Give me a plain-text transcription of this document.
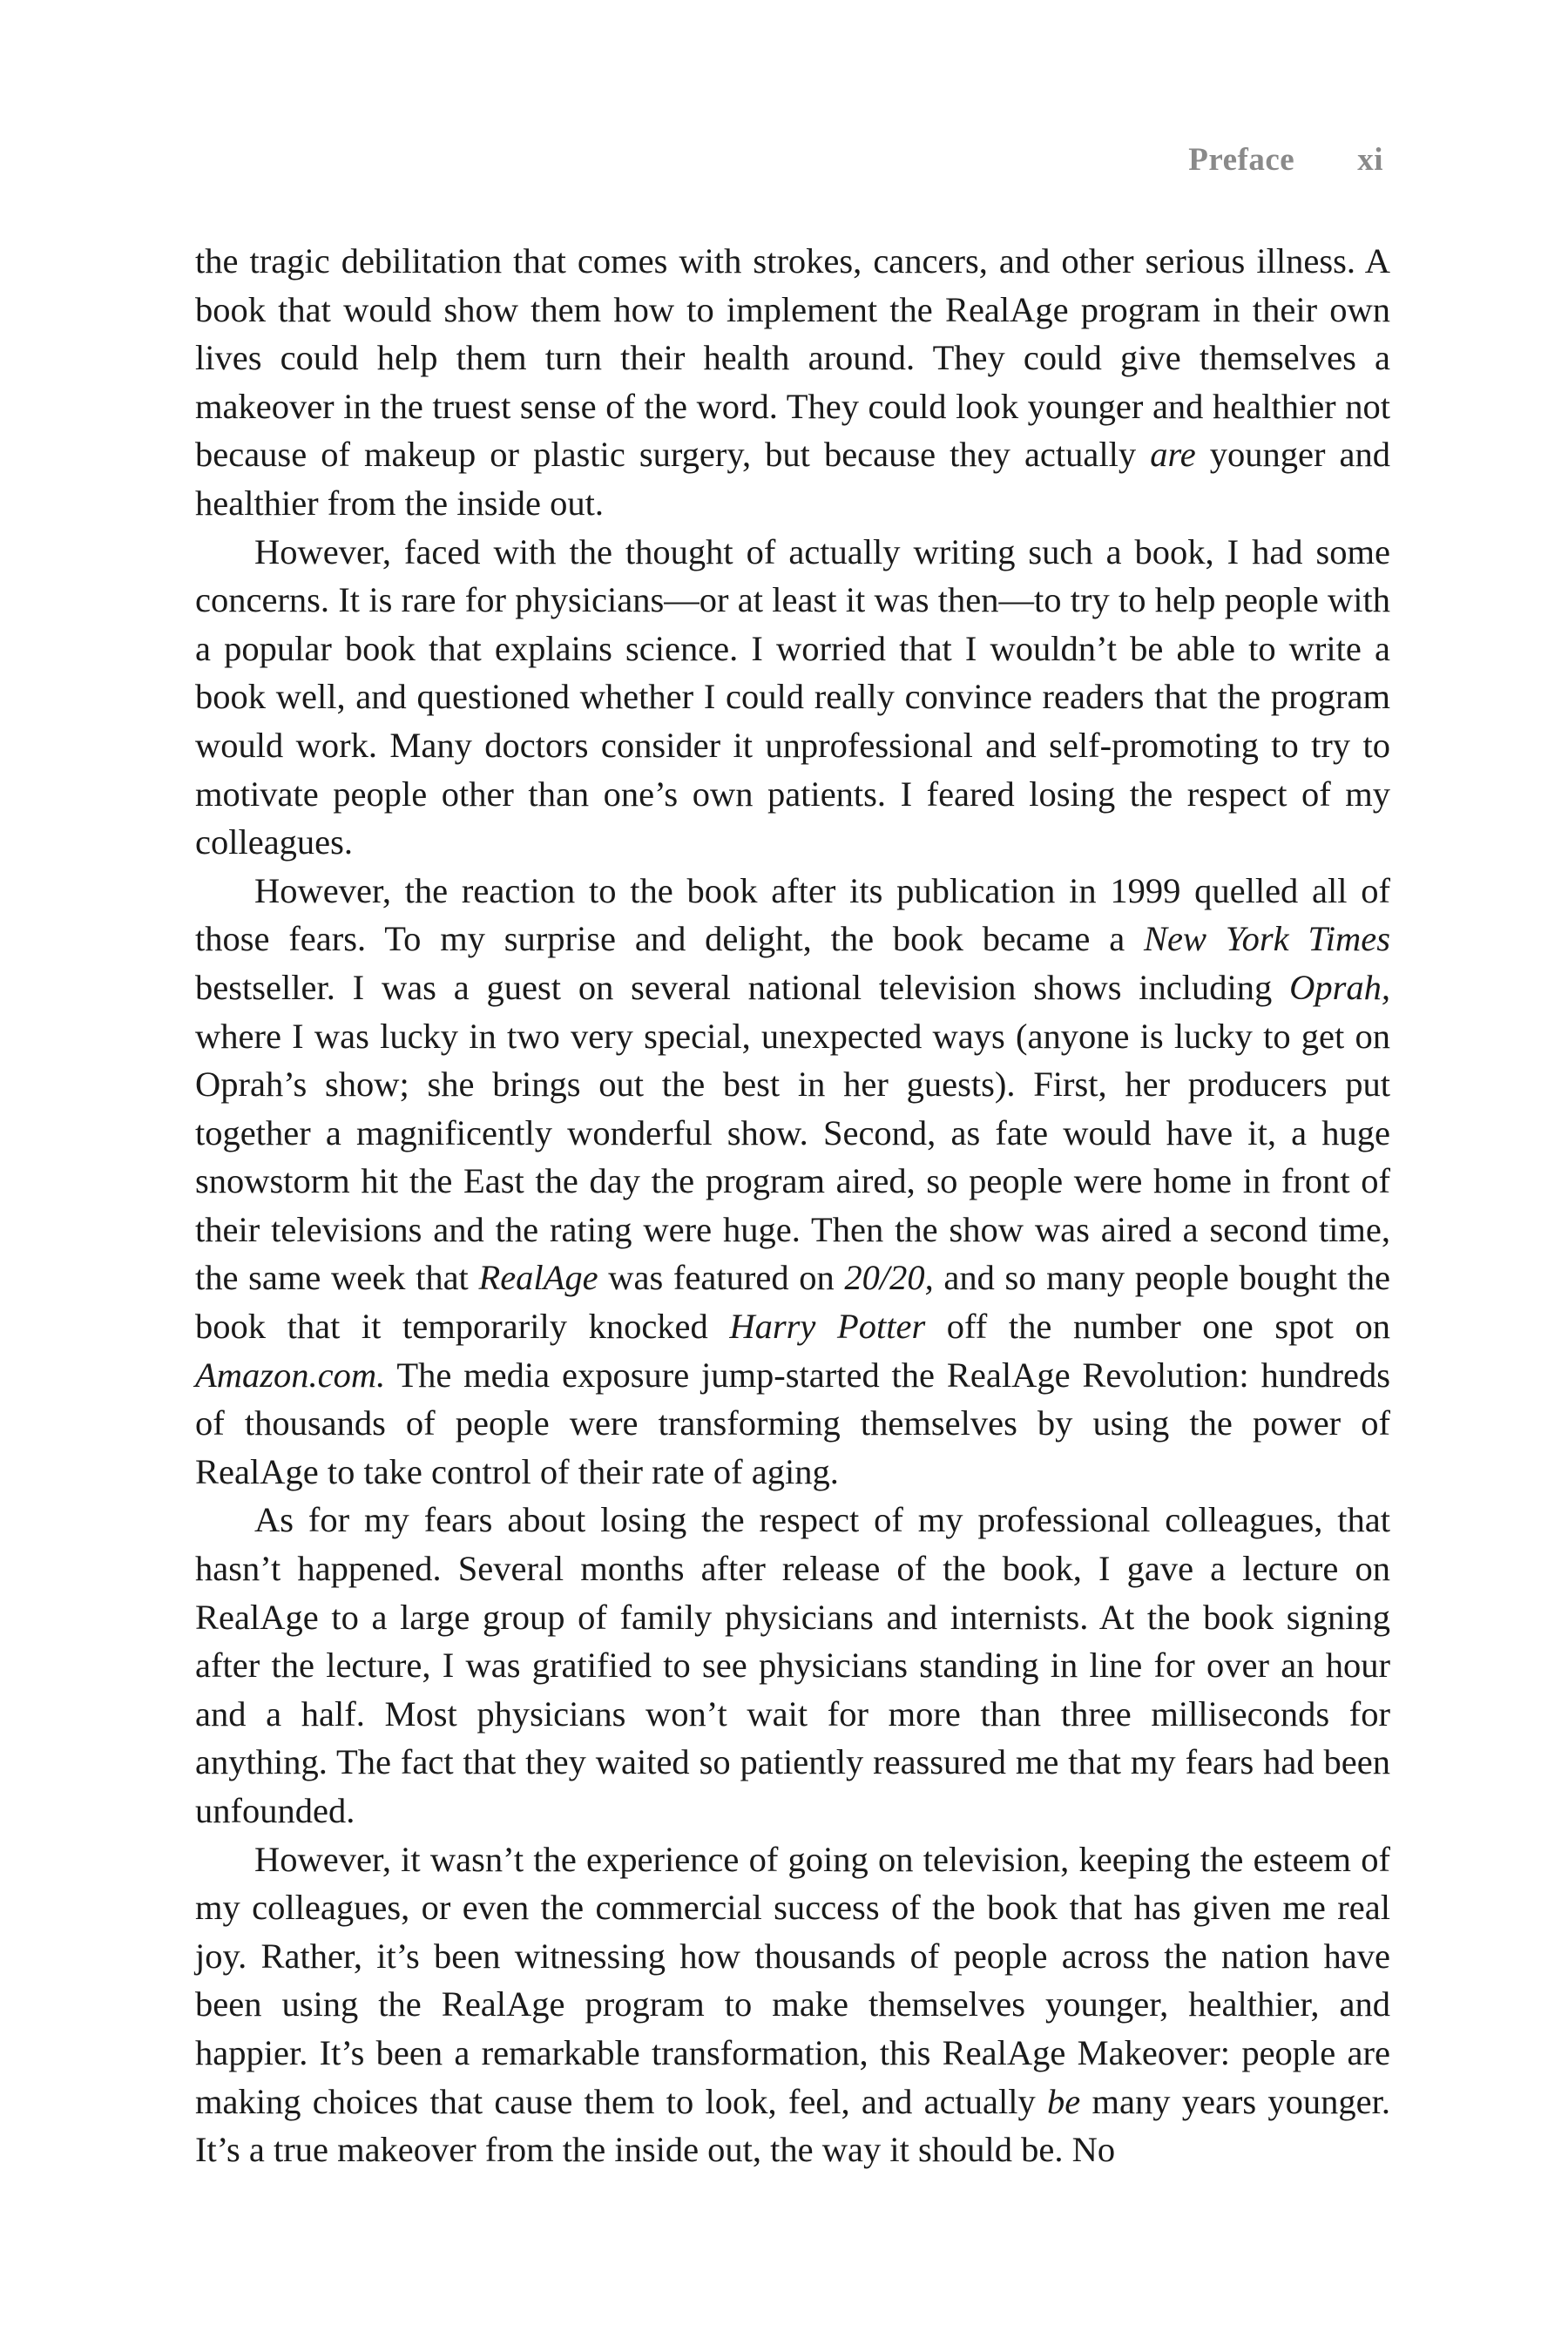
Preface xi

the tragic debilitation that comes with strokes, cancers, and other serious illness. A book that would show them how to implement the RealAge program in their own lives could help them turn their health around. They could give themselves a makeover in the truest sense of the word. They could look younger and healthier not because of makeup or plastic surgery, but because they actually are younger and healthier from the inside out.

However, faced with the thought of actually writing such a book, I had some concerns. It is rare for physicians—or at least it was then—to try to help people with a popular book that explains science. I worried that I wouldn’t be able to write a book well, and questioned whether I could really convince readers that the program would work. Many doctors consider it unprofessional and self-promoting to try to motivate people other than one’s own patients. I feared losing the respect of my colleagues.

However, the reaction to the book after its publication in 1999 quelled all of those fears. To my surprise and delight, the book became a New York Times bestseller. I was a guest on several national television shows including Oprah, where I was lucky in two very special, unexpected ways (anyone is lucky to get on Oprah’s show; she brings out the best in her guests). First, her producers put together a magnificently wonderful show. Second, as fate would have it, a huge snowstorm hit the East the day the program aired, so people were home in front of their televisions and the rating were huge. Then the show was aired a second time, the same week that RealAge was featured on 20/20, and so many people bought the book that it temporarily knocked Harry Potter off the number one spot on Amazon.com. The media exposure jump-started the RealAge Revolution: hundreds of thousands of people were transforming themselves by using the power of RealAge to take control of their rate of aging.

As for my fears about losing the respect of my professional colleagues, that hasn’t happened. Several months after release of the book, I gave a lecture on RealAge to a large group of family physicians and internists. At the book signing after the lecture, I was gratified to see physicians standing in line for over an hour and a half. Most physicians won’t wait for more than three milliseconds for anything. The fact that they waited so patiently reassured me that my fears had been unfounded.

However, it wasn’t the experience of going on television, keeping the esteem of my colleagues, or even the commercial success of the book that has given me real joy. Rather, it’s been witnessing how thousands of people across the nation have been using the RealAge program to make themselves younger, healthier, and happier. It’s been a remarkable transformation, this RealAge Makeover: people are making choices that cause them to look, feel, and actually be many years younger. It’s a true makeover from the inside out, the way it should be. No
